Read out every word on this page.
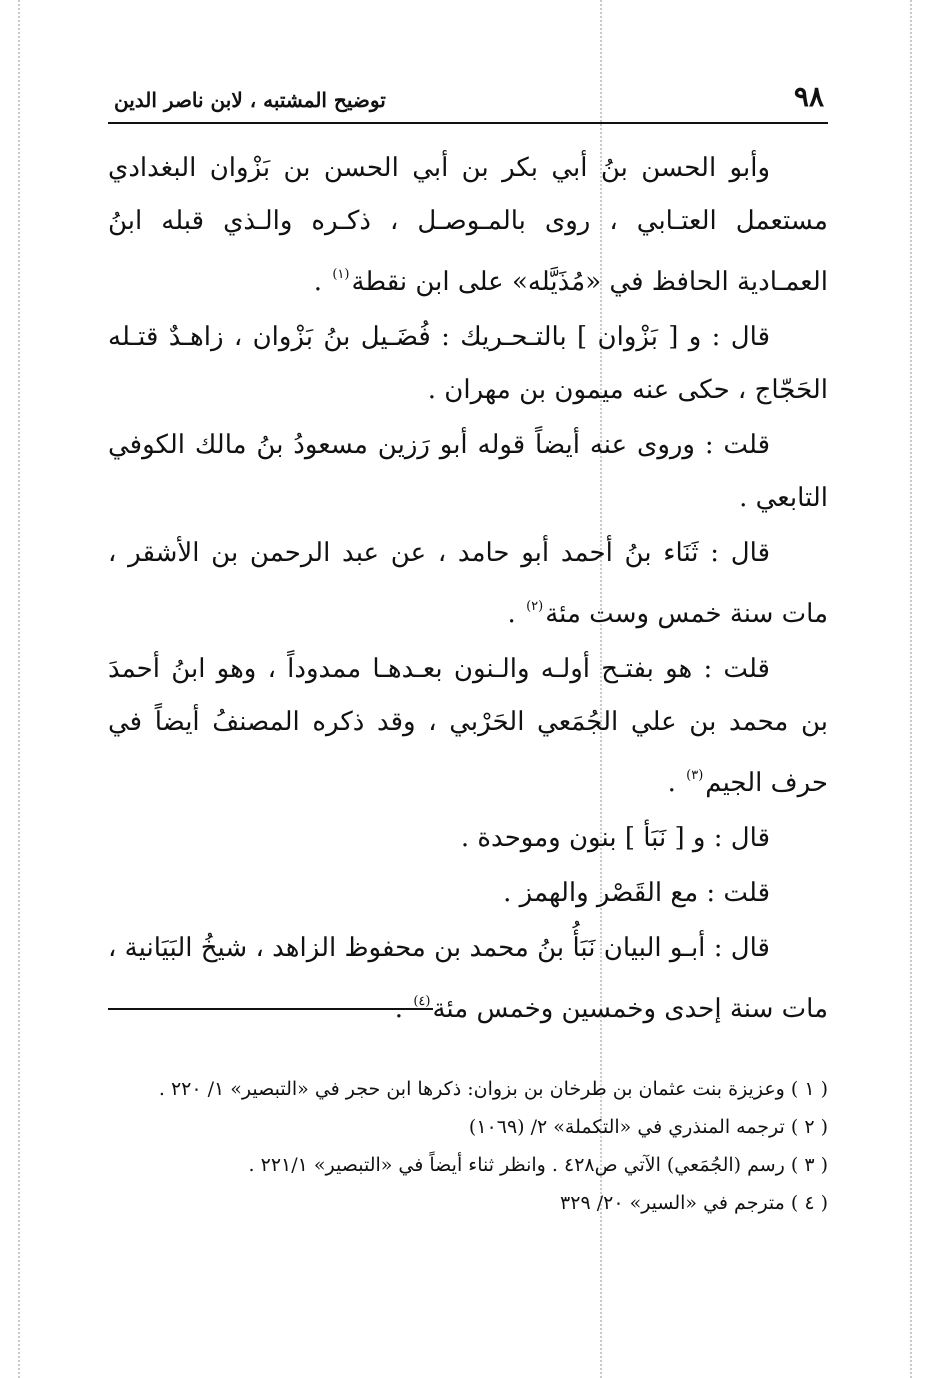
٩٨
توضيح المشتبه ، لابن ناصر الدين

وأبو الحسن بنُ أبي بكر بن أبي الحسن بن بَزْوان البغدادي مستعمل العتـابي ، روى بالمـوصـل ، ذكـره والـذي قبله ابنُ العمـادية الحافظ في «مُذَيَّله» على ابن نقطة$^{(١)}$ .

قال : و [ بَزْوان ] بالتـحـريك : فُضَـيل بنُ بَزْوان ، زاهـدٌ قتـله الحَجّاج ، حكى عنه ميمون بن مهران .

قلت : وروى عنه أيضاً قوله أبو رَزين مسعودُ بنُ مالك الكوفي التابعي .

قال : ثَنَاء بنُ أحمد أبو حامد ، عن عبد الرحمن بن الأشقر ، مات سنة خمس وست مئة$^{(٢)}$ .

قلت : هو بفتـح أولـه والـنون بعـدهـا ممدوداً ، وهو ابنُ أحمدَ بن محمد بن علي الجُمَعي الحَرْبي ، وقد ذكره المصنفُ أيضاً في حرف الجيم$^{(٣)}$ .

قال : و [ نَبَأ ] بنون وموحدة .

قلت : مع القَصْر والهمز .

قال : أبـو البيان نَبَأُ بنُ محمد بن محفوظ الزاهد ، شيخُ البَيَانية ، مات سنة إحدى وخمسين وخمس مئة$^{(٤)}$ .

( ١ ) وعزيزة بنت عثمان بن طرخان بن بزوان: ذكرها ابن حجر في «التبصير» ١/ ٢٢٠ .

( ٢ ) ترجمه المنذري في «التكملة» ٢/ (١٠٦٩)

( ٣ ) رسم (الجُمَعي) الآتي ص٤٢٨ . وانظر ثناء أيضاً في «التبصير» ٢٢١/١ .

( ٤ ) مترجم في «السير» ٢٠/ ٣٢٩
